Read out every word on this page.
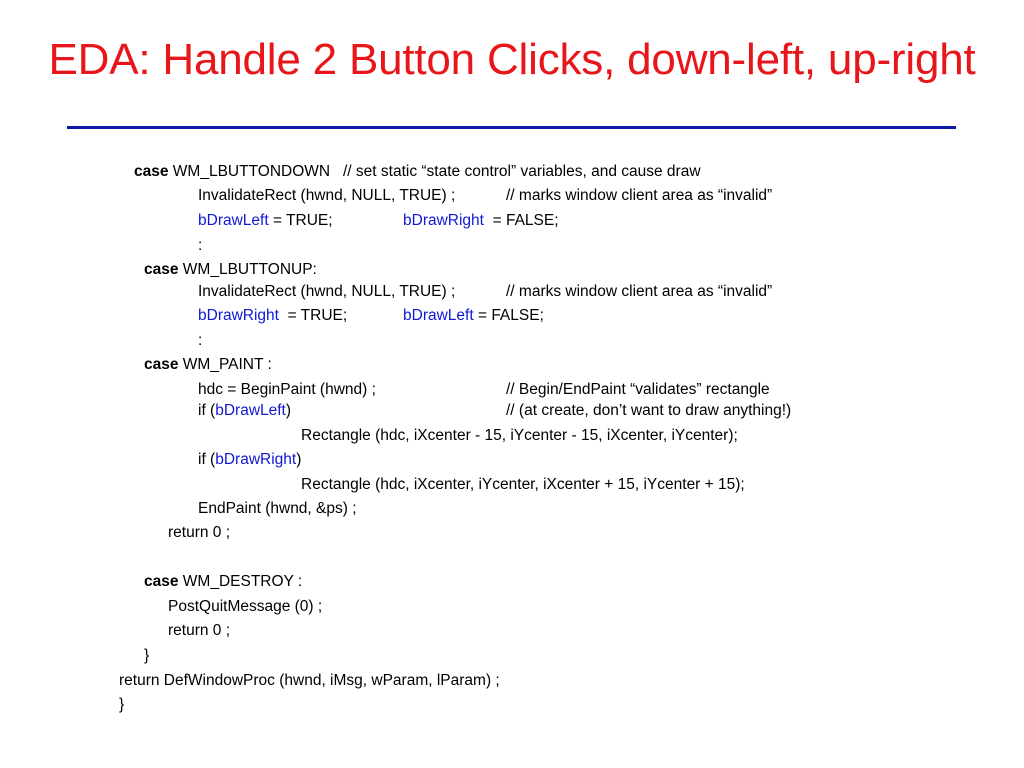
EDA: Handle 2 Button Clicks, down-left, up-right
case WM_LBUTTONDOWN   // set static “state control” variables, and cause draw
InvalidateRect (hwnd, NULL, TRUE) ;	// marks window client area as “invalid”
bDrawLeft = TRUE;	bDrawRight  = FALSE;
:
case WM_LBUTTONUP:
InvalidateRect (hwnd, NULL, TRUE) ;	// marks window client area as “invalid”
bDrawRight  = TRUE;	bDrawLeft = FALSE;
:
case WM_PAINT :
hdc = BeginPaint (hwnd) ;	// Begin/EndPaint “validates” rectangle
if (bDrawLeft)	// (at create, don’t want to draw anything!)
Rectangle (hdc, iXcenter - 15, iYcenter - 15, iXcenter, iYcenter);
if (bDrawRight)
Rectangle (hdc, iXcenter, iYcenter, iXcenter + 15, iYcenter + 15);
EndPaint (hwnd, &ps) ;
return 0 ;
case WM_DESTROY :
PostQuitMessage (0) ;
return 0 ;
}
return DefWindowProc (hwnd, iMsg, wParam, lParam) ;
}
